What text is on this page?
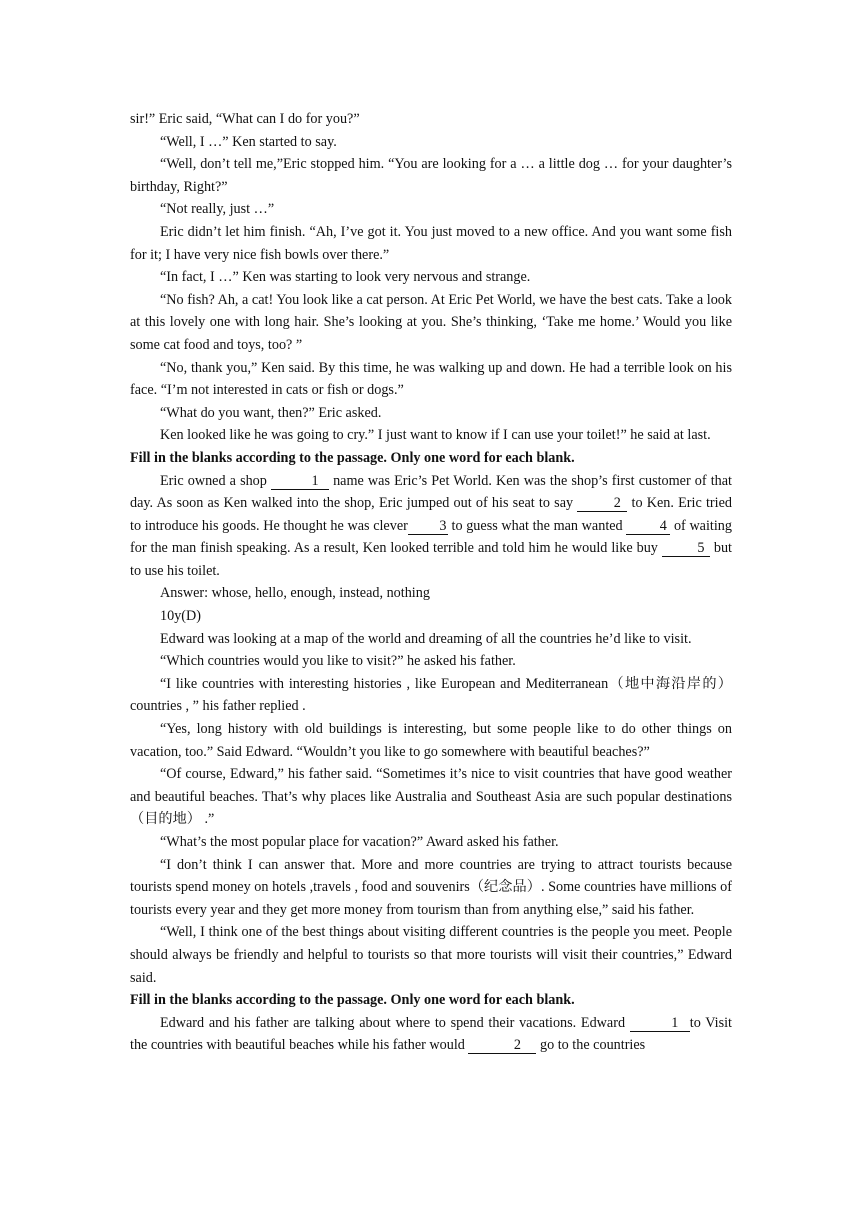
sir!” Eric said, “What can I do for you?”

“Well, I …” Ken started to say.

“Well, don’t tell me,”Eric stopped him. “You are looking for a … a little dog … for your daughter’s birthday, Right?”

“Not really, just …”

Eric didn’t let him finish. “Ah, I’ve got it. You just moved to a new office. And you want some fish for it; I have very nice fish bowls over there.”

“In fact, I …” Ken was starting to look very nervous and strange.

“No fish? Ah, a cat! You look like a cat person. At Eric Pet World, we have the best cats. Take a look at this lovely one with long hair. She’s looking at you. She’s thinking, ‘Take me home.’ Would you like some cat food and toys, too? ”

“No, thank you,” Ken said. By this time, he was walking up and down. He had a terrible look on his face. “I’m not interested in cats or fish or dogs.”

“What do you want, then?” Eric asked.

Ken looked like he was going to cry.” I just want to know if I can use your toilet!” he said at last.

Fill in the blanks according to the passage. Only one word for each blank.

Eric owned a shop	1 name was Eric’s Pet World. Ken was the shop’s first customer of that day. As soon as Ken walked into the shop, Eric jumped out of his seat to say	2 to Ken. Eric tried to introduce his goods. He thought he was clever 3 to guess what the man wanted 4 of waiting for the man finish speaking. As a result, Ken looked terrible and told him he would like buy 5 but to use his toilet.

Answer: whose, hello, enough, instead, nothing

10y(D)

Edward was looking at a map of the world and dreaming of all the countries he’d like to visit.

“Which countries would you like to visit?” he asked his father.

“I like countries with interesting histories , like European and Mediterranean（地中海沿岸的） countries , ” his father replied .

“Yes, long history with old buildings is interesting, but some people like to do other things on vacation, too.” Said Edward. “Wouldn’t you like to go somewhere with beautiful beaches?”

“Of course, Edward,” his father said. “Sometimes it’s nice to visit countries that have good weather and beautiful beaches. That’s why places like Australia and Southeast Asia are such popular destinations（目的地） .”

“What’s the most popular place for vacation?” Award asked his father.

“I don’t think I can answer that. More and more countries are trying to attract tourists because tourists spend money on hotels ,travels , food and souvenirs（纪念品）. Some countries have millions of tourists every year and they get more money from tourism than from anything else,” said his father.

“Well, I think one of the best things about visiting different countries is the people you meet. People should always be friendly and helpful to tourists so that more tourists will visit their countries,” Edward said.

Fill in the blanks according to the passage. Only one word for each blank.

Edward and his father are talking about where to spend their vacations. Edward	1 to Visit the countries with beautiful beaches while his father would	2 go to the countries
